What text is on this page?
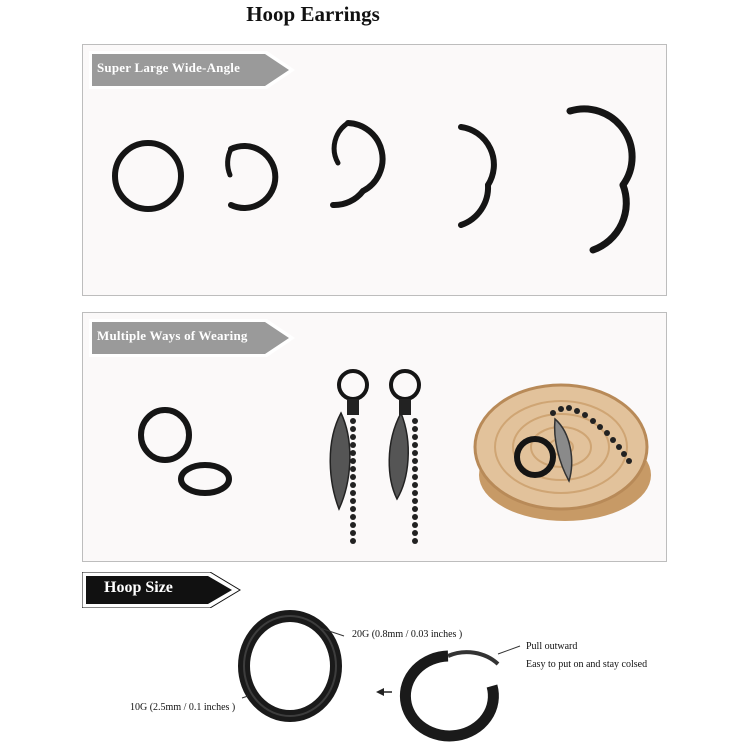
Hoop Earrings
Super Large Wide-Angle
Multiple Ways of Wearing
Hoop Size
20G (0.8mm / 0.03 inches )
10G (2.5mm / 0.1 inches )
Pull outward
Easy to put on and stay colsed
